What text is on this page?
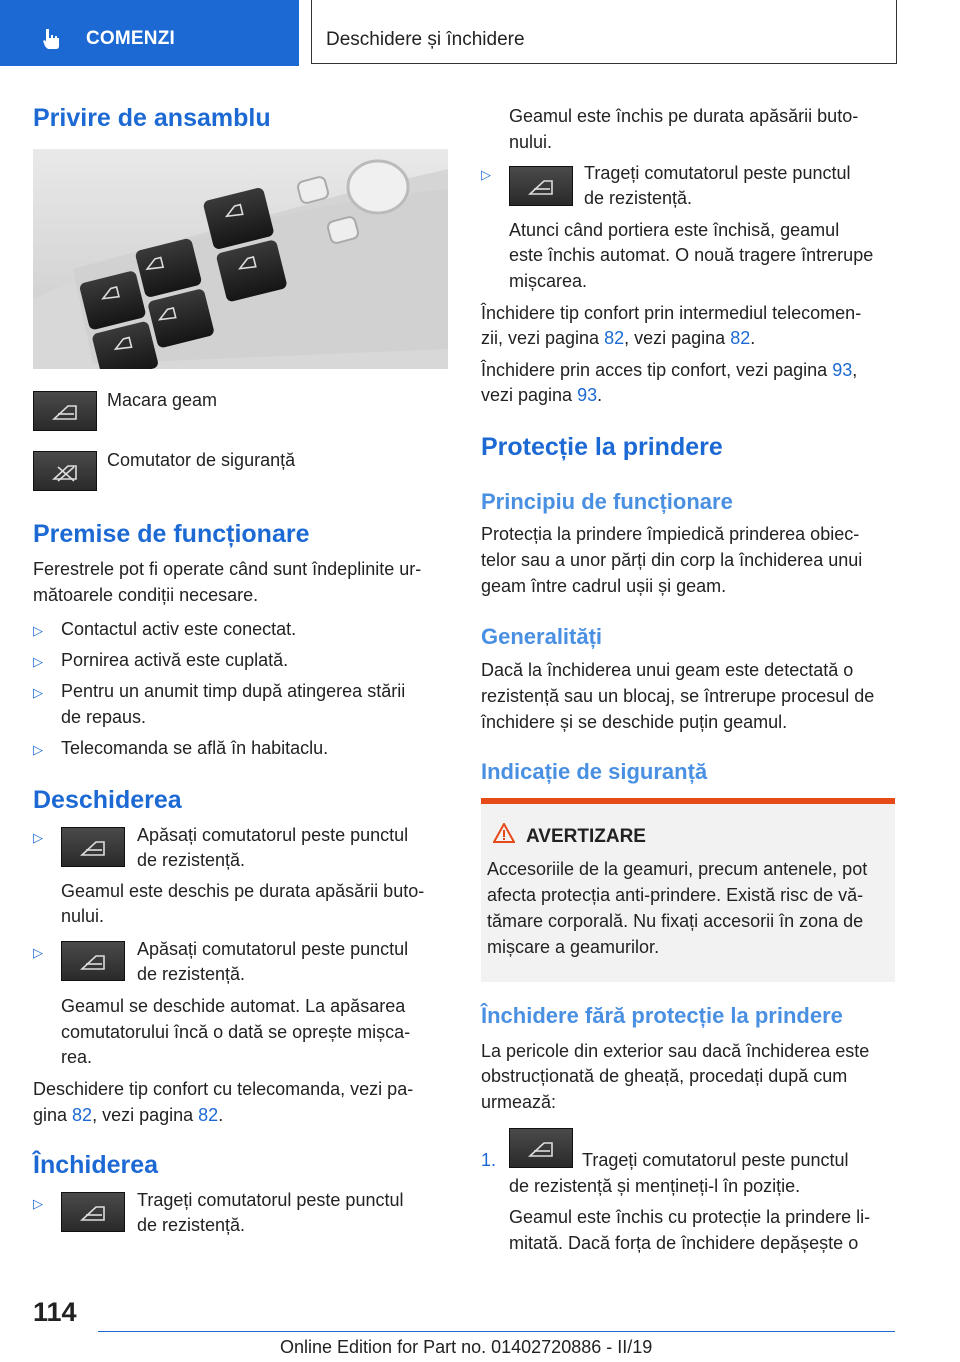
COMENZI	Deschidere și închidere
Privire de ansamblu
Macara geam
Comutator de siguranță
Premise de funcționare
Ferestrele pot fi operate când sunt îndeplinite ur-
mătoarele condiții necesare.
▷ Contactul activ este conectat.
▷ Pornirea activă este cuplată.
▷ Pentru un anumit timp după atingerea stării
de repaus.
▷ Telecomanda se află în habitaclu.
Deschiderea
▷	Apăsați comutatorul peste punctul
de rezistență.
Geamul este deschis pe durata apăsării buto-
nului.
▷	Apăsați comutatorul peste punctul
de rezistență.
Geamul se deschide automat. La apăsarea
comutatorului încă o dată se oprește mișca-
rea.
Deschidere tip confort cu telecomanda, vezi pa-
gina 82, vezi pagina 82.
Închiderea
▷	Trageți comutatorul peste punctul
de rezistență.
Geamul este închis pe durata apăsării buto-
nului.
▷	Trageți comutatorul peste punctul
de rezistență.
Atunci când portiera este închisă, geamul
este închis automat. O nouă tragere întrerupe
mișcarea.
Închidere tip confort prin intermediul telecomen-
zii, vezi pagina 82, vezi pagina 82.
Închidere prin acces tip confort, vezi pagina 93,
vezi pagina 93.
Protecție la prindere
Principiu de funcționare
Protecția la prindere împiedică prinderea obiec-
telor sau a unor părți din corp la închiderea unui
geam între cadrul ușii și geam.
Generalități
Dacă la închiderea unui geam este detectată o
rezistență sau un blocaj, se întrerupe procesul de
închidere și se deschide puțin geamul.
Indicație de siguranță
Închidere fără protecție la prindere
La pericole din exterior sau dacă închiderea este
obstrucționată de gheață, procedați după cum
urmează:
1.	Trageți comutatorul peste punctul
de rezistență și mențineți-l în poziție.
Geamul este închis cu protecție la prindere li-
mitată. Dacă forța de închidere depășește o
AVERTIZARE
Accesoriile de la geamuri, precum antenele, pot
afecta protecția anti-prindere. Există risc de vă-
tămare corporală. Nu fixați accesorii în zona de
mișcare a geamurilor.
114
Online Edition for Part no. 01402720886 - II/19
